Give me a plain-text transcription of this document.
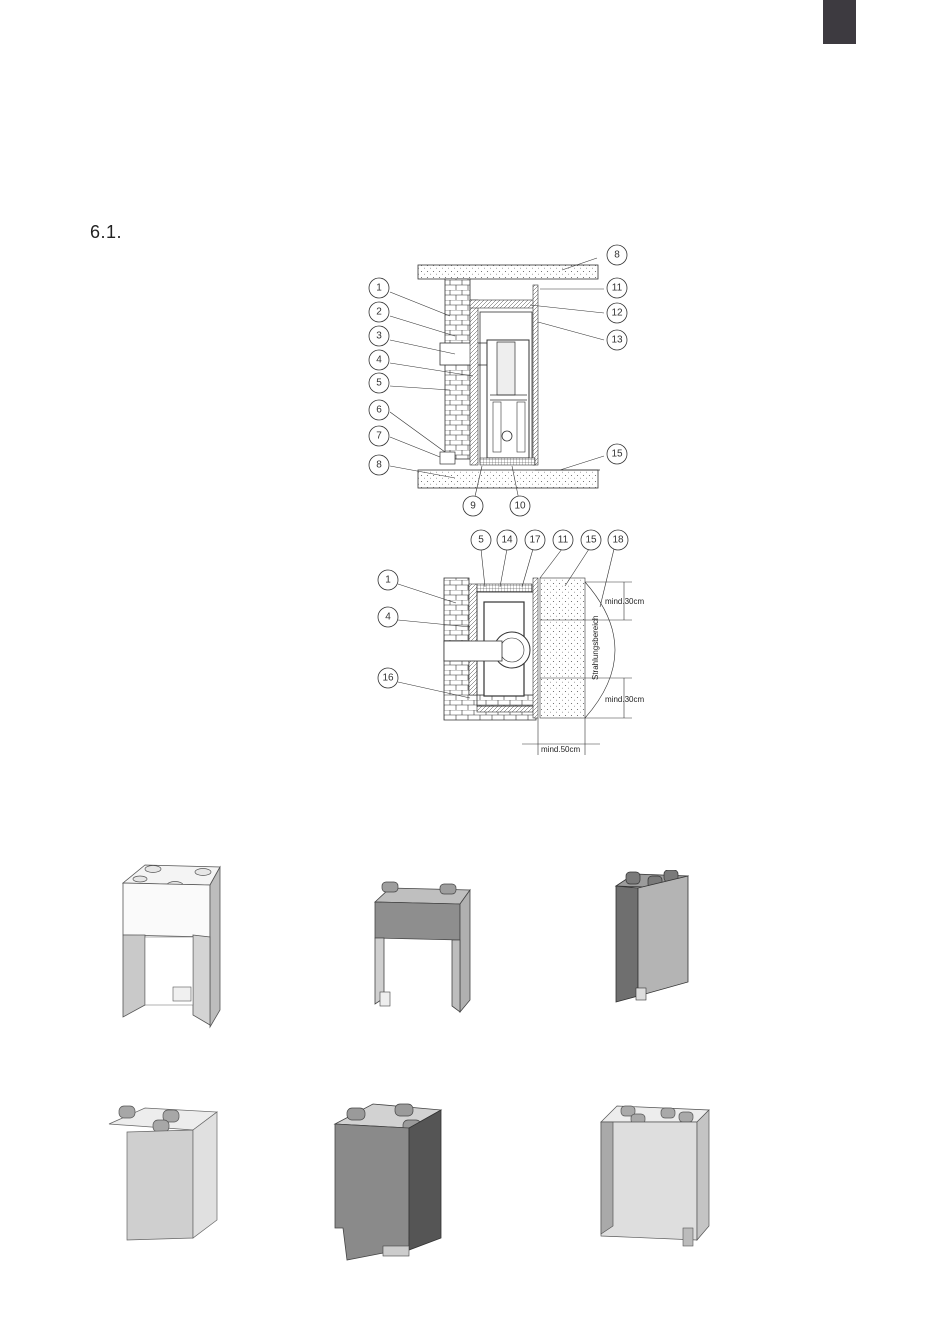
6.1.
1
2
3
4
5
6
7
8
8
9	10
11
12
13
15
1
4
16
5 14 17 11 15 18
mind.30cm
mind.30cm
mind.50cm
Strahlungsbereich
